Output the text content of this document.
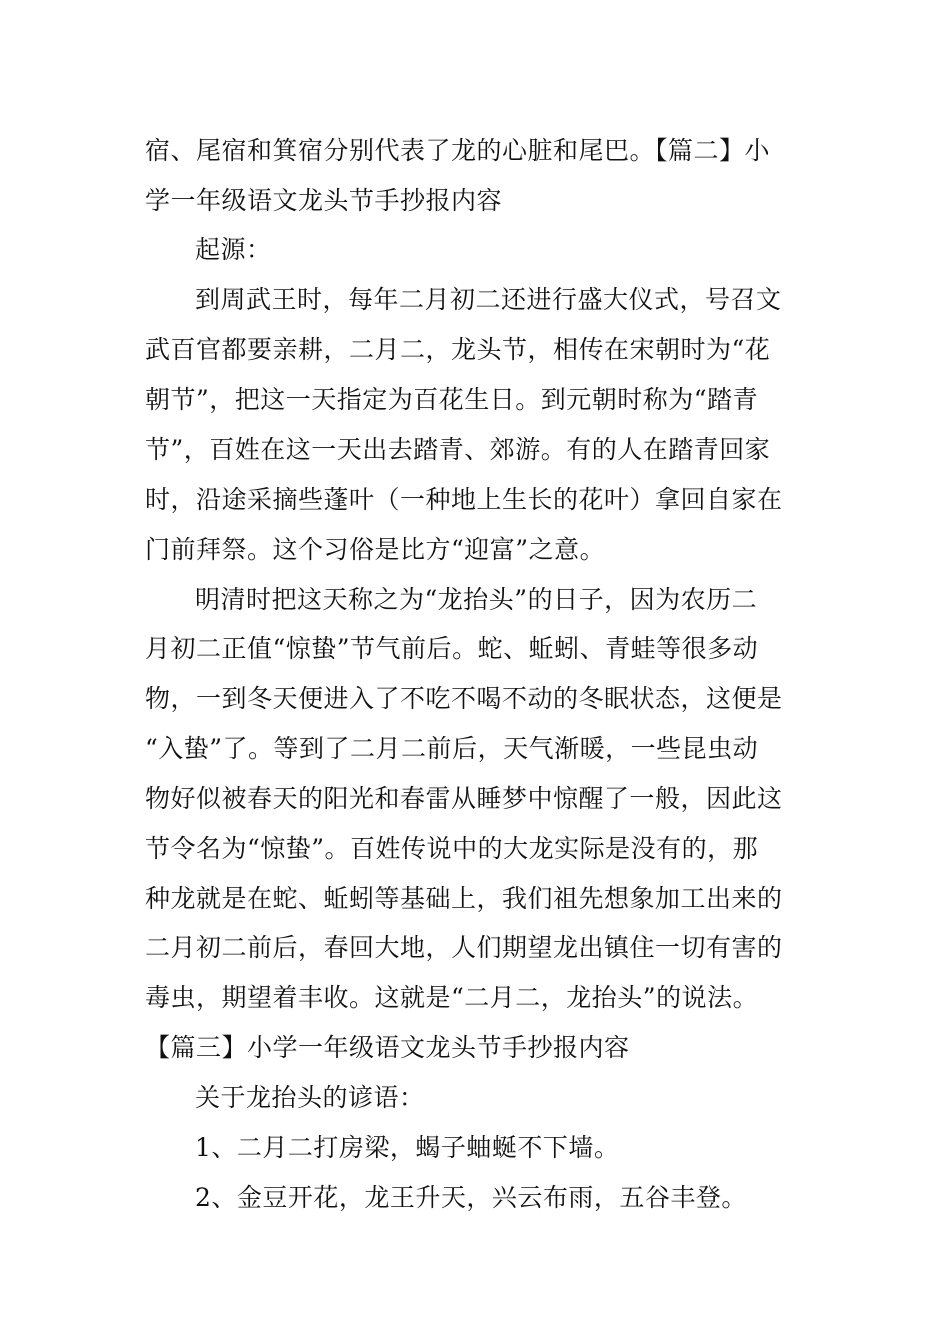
宿、尾宿和箕宿分别代表了龙的心脏和尾巴。【篇二】小
学一年级语文龙头节手抄报内容
起源：
到周武王时，每年二月初二还进行盛大仪式，号召文
武百官都要亲耕，二月二，龙头节，相传在宋朝时为“花
朝节”，把这一天指定为百花生日。到元朝时称为“踏青
节”，百姓在这一天出去踏青、郊游。有的人在踏青回家
时，沿途采摘些蓬叶（一种地上生长的花叶）拿回自家在
门前拜祭。这个习俗是比方“迎富”之意。
明清时把这天称之为“龙抬头”的日子，因为农历二
月初二正值“惊蛰”节气前后。蛇、蚯蚓、青蛙等很多动
物，一到冬天便进入了不吃不喝不动的冬眠状态，这便是
“入蛰”了。等到了二月二前后，天气渐暖，一些昆虫动
物好似被春天的阳光和春雷从睡梦中惊醒了一般，因此这
节令名为“惊蛰”。百姓传说中的大龙实际是没有的，那
种龙就是在蛇、蚯蚓等基础上，我们祖先想象加工出来的
二月初二前后，春回大地，人们期望龙出镇住一切有害的
毒虫，期望着丰收。这就是“二月二，龙抬头”的说法。
【篇三】小学一年级语文龙头节手抄报内容
关于龙抬头的谚语：
1、二月二打房梁，蝎子蚰蜒不下墙。
2、金豆开花，龙王升天，兴云布雨，五谷丰登。
